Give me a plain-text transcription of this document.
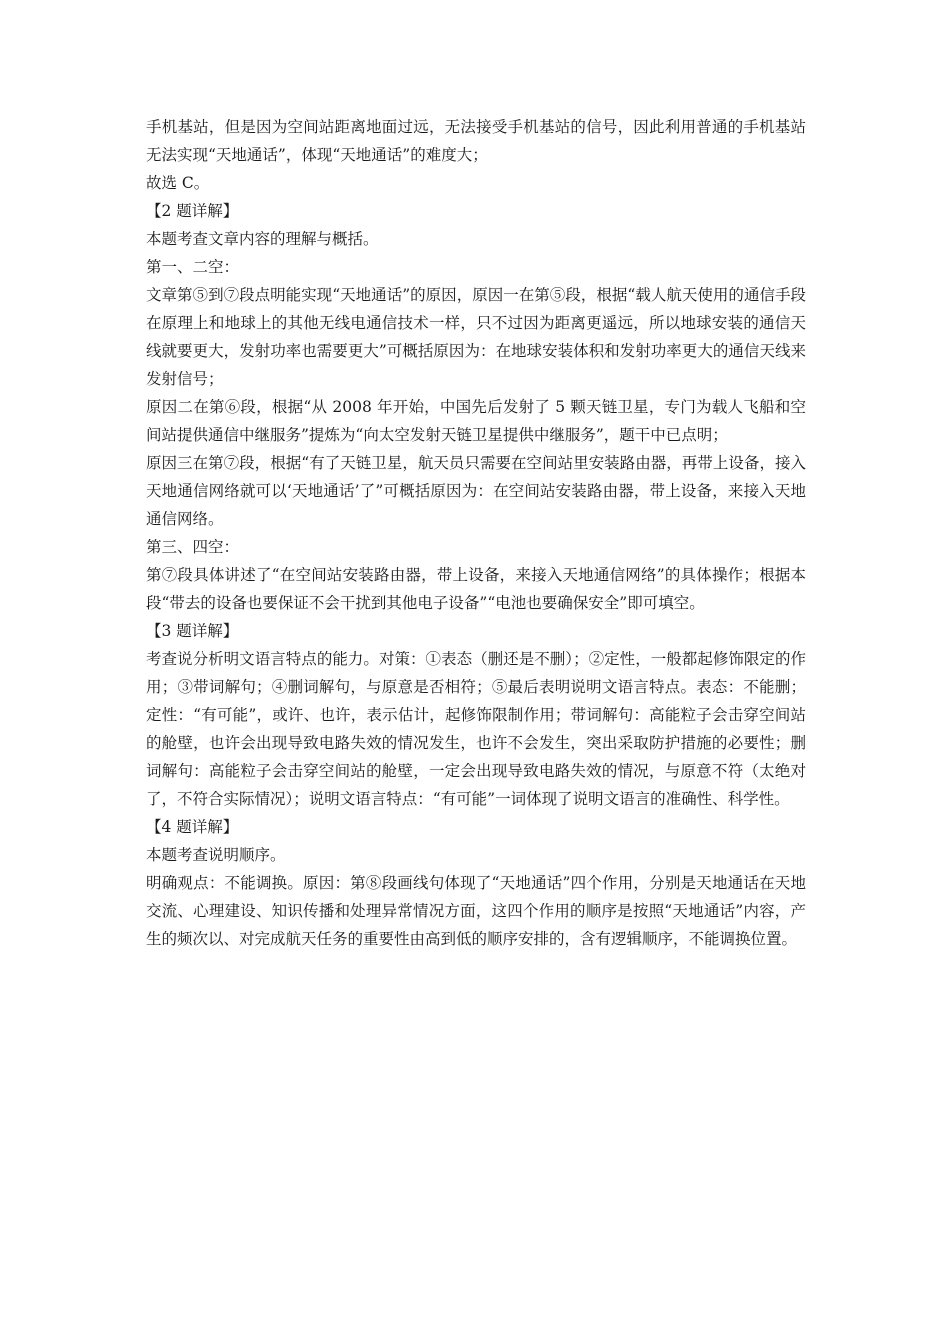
手机基站，但是因为空间站距离地面过远，无法接受手机基站的信号，因此利用普通的手机基站无法实现“天地通话”，体现“天地通话”的难度大；

故选 C。

【2 题详解】

本题考查文章内容的理解与概括。

第一、二空：

文章第⑤到⑦段点明能实现“天地通话”的原因，原因一在第⑤段，根据“载人航天使用的通信手段在原理上和地球上的其他无线电通信技术一样，只不过因为距离更遥远，所以地球安装的通信天线就要更大，发射功率也需要更大”可概括原因为：在地球安装体积和发射功率更大的通信天线来发射信号；

原因二在第⑥段，根据“从 2008 年开始，中国先后发射了 5 颗天链卫星，专门为载人飞船和空间站提供通信中继服务”提炼为“向太空发射天链卫星提供中继服务”，题干中已点明；

原因三在第⑦段，根据“有了天链卫星，航天员只需要在空间站里安装路由器，再带上设备，接入天地通信网络就可以‘天地通话’了”可概括原因为：在空间站安装路由器，带上设备，来接入天地通信网络。

第三、四空：

第⑦段具体讲述了“在空间站安装路由器，带上设备，来接入天地通信网络”的具体操作；根据本段“带去的设备也要保证不会干扰到其他电子设备”“电池也要确保安全”即可填空。

【3 题详解】

考查说分析明文语言特点的能力。对策：①表态（删还是不删）；②定性，一般都起修饰限定的作用；③带词解句；④删词解句，与原意是否相符；⑤最后表明说明文语言特点。表态：不能删；定性：“有可能”，或许、也许，表示估计，起修饰限制作用；带词解句：高能粒子会击穿空间站的舱壁，也许会出现导致电路失效的情况发生，也许不会发生，突出采取防护措施的必要性；删词解句：高能粒子会击穿空间站的舱壁，一定会出现导致电路失效的情况，与原意不符（太绝对了，不符合实际情况）；说明文语言特点：“有可能”一词体现了说明文语言的准确性、科学性。

【4 题详解】

本题考查说明顺序。

明确观点：不能调换。原因：第⑧段画线句体现了“天地通话”四个作用，分别是天地通话在天地交流、心理建设、知识传播和处理异常情况方面，这四个作用的顺序是按照“天地通话”内容，产生的频次以、对完成航天任务的重要性由高到低的顺序安排的，含有逻辑顺序，不能调换位置。
